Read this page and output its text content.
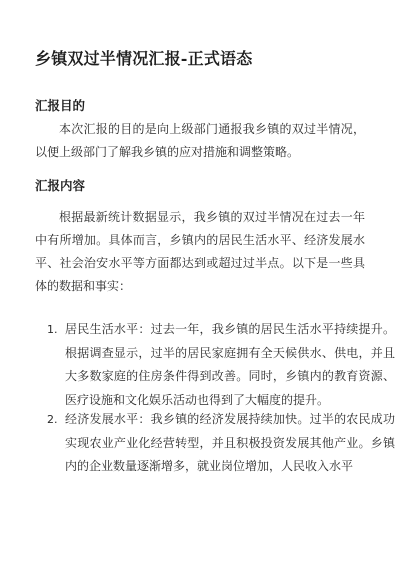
乡镇双过半情况汇报-正式语态
汇报目的

本次汇报的目的是向上级部门通报我乡镇的双过半情况，以便上级部门了解我乡镇的应对措施和调整策略。

汇报内容

根据最新统计数据显示，我乡镇的双过半情况在过去一年中有所增加。具体而言，乡镇内的居民生活水平、经济发展水平、社会治安水平等方面都达到或超过过半点。以下是一些具体的数据和事实：

1. 居民生活水平：过去一年，我乡镇的居民生活水平持续提升。根据调查显示，过半的居民家庭拥有全天候供水、供电，并且大多数家庭的住房条件得到改善。同时，乡镇内的教育资源、医疗设施和文化娱乐活动也得到了大幅度的提升。
2. 经济发展水平：我乡镇的经济发展持续加快。过半的农民成功实现农业产业化经营转型，并且积极投资发展其他产业。乡镇内的企业数量逐渐增多，就业岗位增加，人民收入水平
